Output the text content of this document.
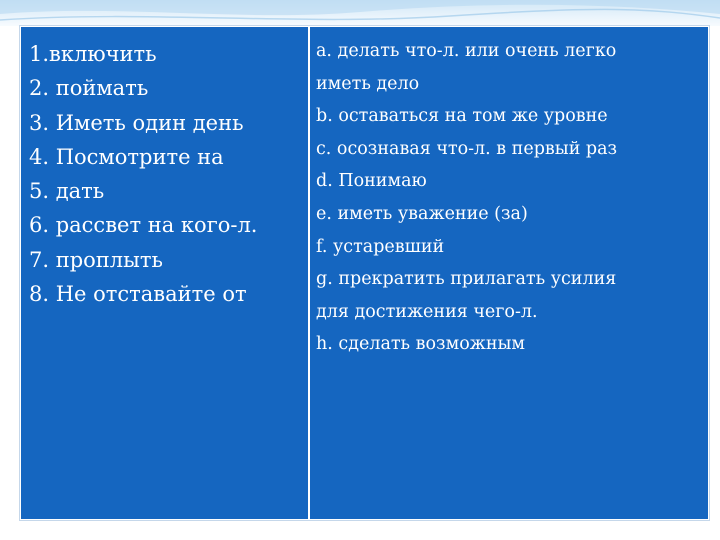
1.включить
2. поймать
3. Иметь один день
4. Посмотрите на
5. дать
6. рассвет на кого-л.
7. проплыть
8. Не отставайте от
a. делать что-л. или очень легко
иметь дело
b. оставаться на том же уровне
c. осознавая что-л. в первый раз
d. Понимаю
e. иметь уважение (за)
f. устаревший
g. прекратить прилагать усилия
для достижения чего-л.
h. сделать возможным
